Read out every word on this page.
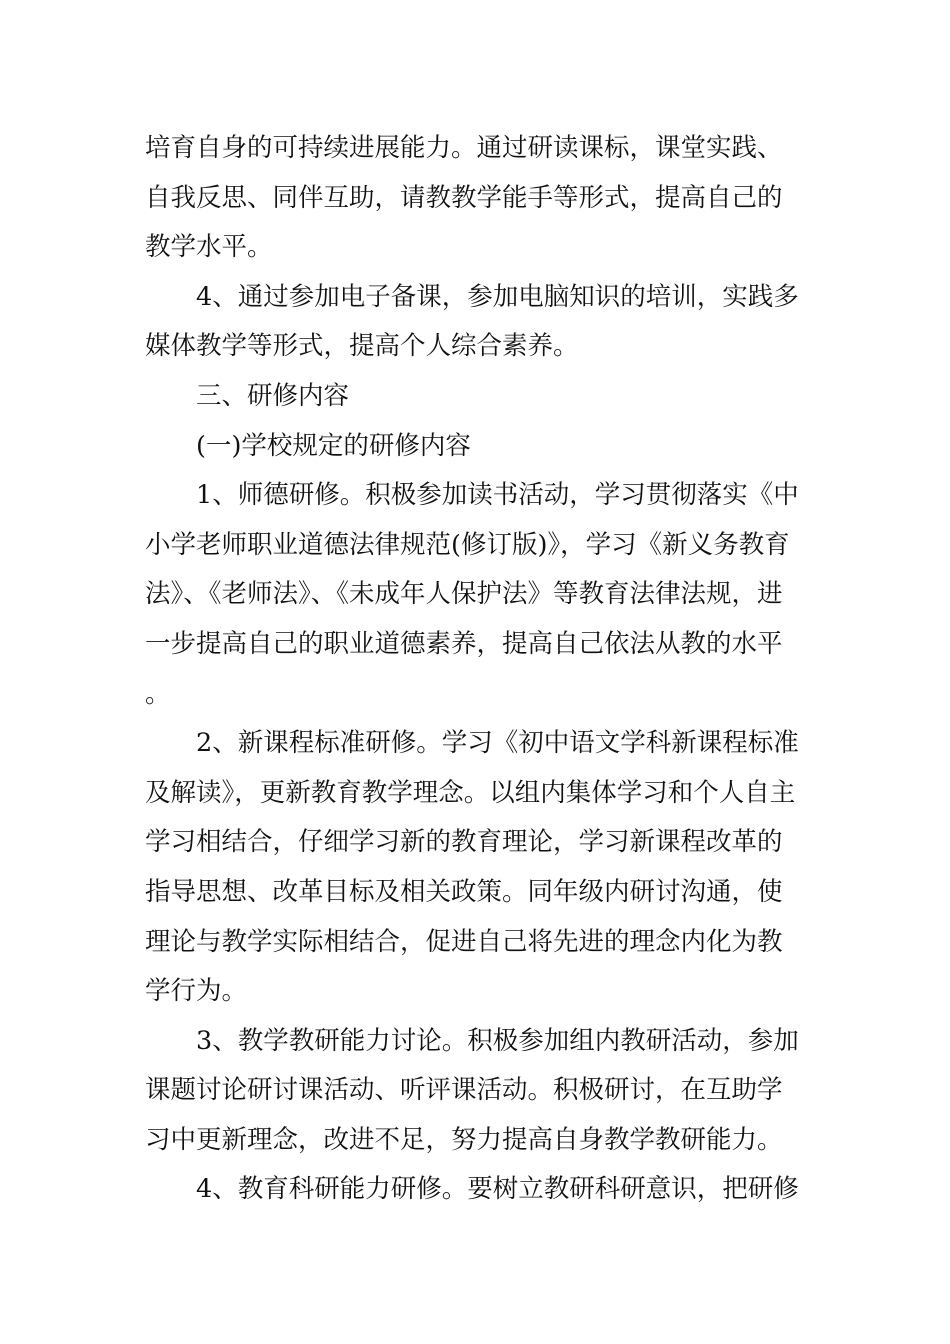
培育自身的可持续进展能力。通过研读课标，课堂实践、自我反思、同伴互助，请教教学能手等形式，提高自己的教学水平。

4、通过参加电子备课，参加电脑知识的培训，实践多媒体教学等形式，提高个人综合素养。

三、研修内容

(一)学校规定的研修内容

1、师德研修。积极参加读书活动，学习贯彻落实《中小学老师职业道德法律规范(修订版)》，学习《新义务教育法》、《老师法》、《未成年人保护法》等教育法律法规，进一步提高自己的职业道德素养，提高自己依法从教的水平。

2、新课程标准研修。学习《初中语文学科新课程标准及解读》，更新教育教学理念。以组内集体学习和个人自主学习相结合，仔细学习新的教育理论，学习新课程改革的指导思想、改革目标及相关政策。同年级内研讨沟通，使理论与教学实际相结合，促进自己将先进的理念内化为教学行为。

3、教学教研能力讨论。积极参加组内教研活动，参加课题讨论研讨课活动、听评课活动。积极研讨，在互助学习中更新理念，改进不足，努力提高自身教学教研能力。

4、教育科研能力研修。要树立教研科研意识，把研修
